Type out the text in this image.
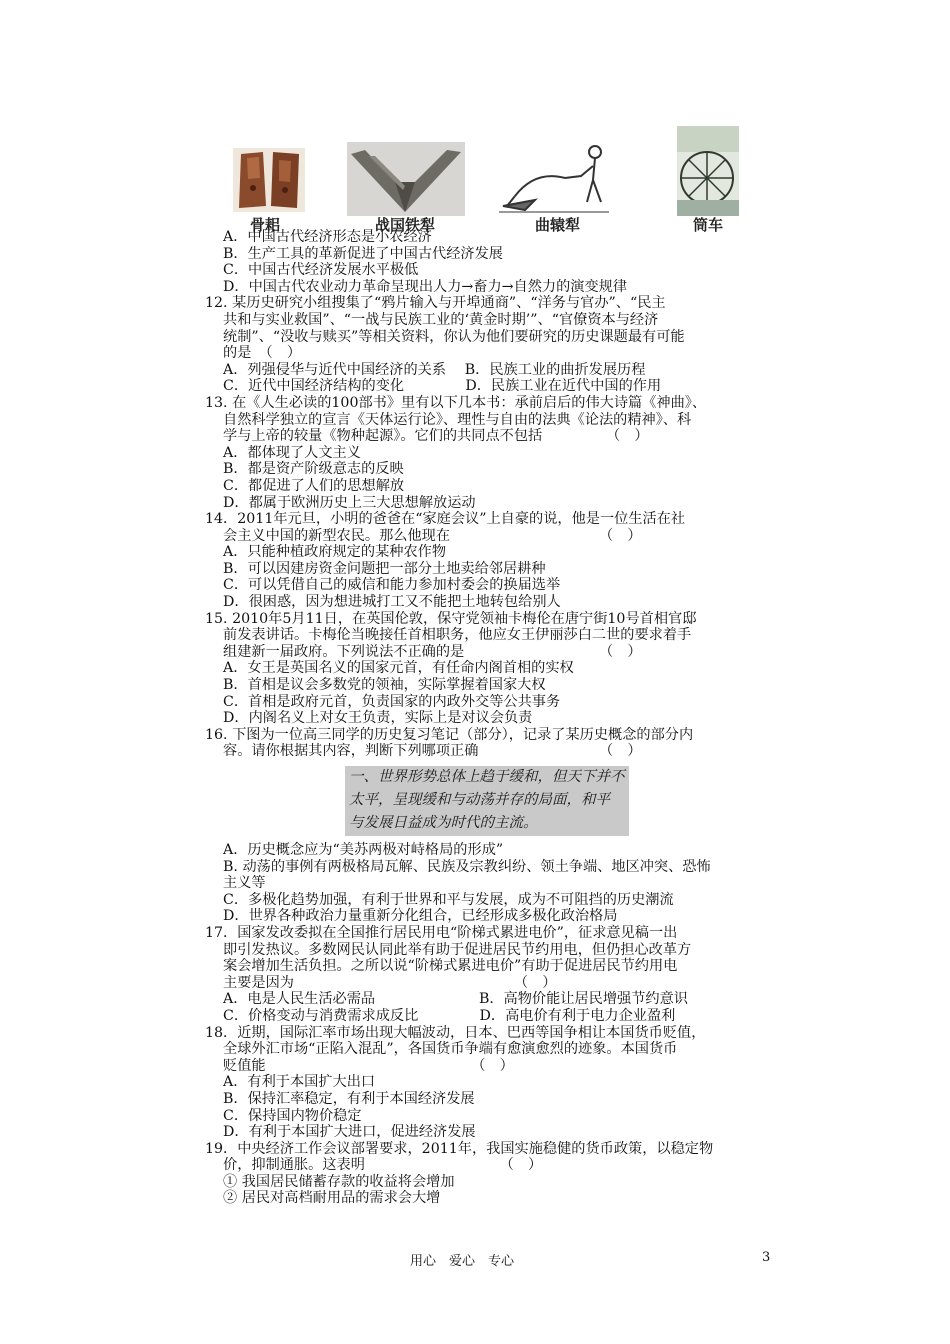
骨耜	战国铁犁	曲辕犁	筒车
A．中国古代经济形态是小农经济
B．生产工具的革新促进了中国古代经济发展
C．中国古代经济发展水平极低
D．中国古代农业动力革命呈现出人力→畜力→自然力的演变规律
12. 某历史研究小组搜集了“鸦片输入与开埠通商”、“洋务与官办”、“民主
共和与实业救国”、“一战与民族工业的‘黄金时期’”、“官僚资本与经济
统制”、“没收与赎买”等相关资料，你认为他们要研究的历史课题最有可能
的是　（　）
A．列强侵华与近代中国经济的关系　 B．民族工业的曲折发展历程
C．近代中国经济结构的变化　　　　 D．民族工业在近代中国的作用
13. 在《人生必读的100部书》里有以下几本书：承前启后的伟大诗篇《神曲》、
自然科学独立的宣言《天体运行论》、理性与自由的法典《论法的精神》、科
学与上帝的较量《物种起源》。它们的共同点不包括　　　　　（　）
A．都体现了人文主义
B．都是资产阶级意志的反映
C．都促进了人们的思想解放
D．都属于欧洲历史上三大思想解放运动
14．2011年元旦，小明的爸爸在“家庭会议”上自豪的说，他是一位生活在社
会主义中国的新型农民。那么他现在　　　　　　　　　　　（　）
A．只能种植政府规定的某种农作物
B．可以因建房资金问题把一部分土地卖给邻居耕种
C．可以凭借自己的威信和能力参加村委会的换届选举
D．很困惑，因为想进城打工又不能把土地转包给别人
15. 2010年5月11日，在英国伦敦，保守党领袖卡梅伦在唐宁街10号首相官邸
前发表讲话。卡梅伦当晚接任首相职务，他应女王伊丽莎白二世的要求着手
组建新一届政府。下列说法不正确的是　　　　　　　　　　（　）
A．女王是英国名义的国家元首，有任命内阁首相的实权
B．首相是议会多数党的领袖，实际掌握着国家大权
C．首相是政府元首，负责国家的内政外交等公共事务
D．内阁名义上对女王负责，实际上是对议会负责
16. 下图为一位高三同学的历史复习笔记（部分），记录了某历史概念的部分内
容。请你根据其内容，判断下列哪项正确　　　　　　　　　（　）
一、世界形势总体上趋于缓和，但天下并不
太平，呈现缓和与动荡并存的局面，和平
与发展日益成为时代的主流。
A．历史概念应为“美苏两极对峙格局的形成”
B. 动荡的事例有两极格局瓦解、民族及宗教纠纷、领土争端、地区冲突、恐怖
主义等
C．多极化趋势加强，有利于世界和平与发展，成为不可阻挡的历史潮流
D．世界各种政治力量重新分化组合，已经形成多极化政治格局
17．国家发改委拟在全国推行居民用电“阶梯式累进电价”，征求意见稿一出
即引发热议。多数网民认同此举有助于促进居民节约用电，但仍担心改革方
案会增加生活负担。之所以说“阶梯式累进电价”有助于促进居民节约用电
主要是因为　　　　　　　　　　　　　　　　（　）
A．电是人民生活必需品　　　　　　　 B．高物价能让居民增强节约意识
C．价格变动与消费需求成反比　　　　 D．高电价有利于电力企业盈利
18．近期，国际汇率市场出现大幅波动，日本、巴西等国争相让本国货币贬值，
全球外汇市场“正陷入混乱”，各国货币争端有愈演愈烈的迹象。本国货币
贬值能　　　　　　　　　　　　　　　（　）
A．有利于本国扩大出口
B．保持汇率稳定，有利于本国经济发展
C．保持国内物价稳定
D．有利于本国扩大进口，促进经济发展
19．中央经济工作会议部署要求，2011年，我国实施稳健的货币政策，以稳定物
价，抑制通胀。这表明　　　　　　　　　　（　）
① 我国居民储蓄存款的收益将会增加
② 居民对高档耐用品的需求会大增
用心　爱心　专心	3
